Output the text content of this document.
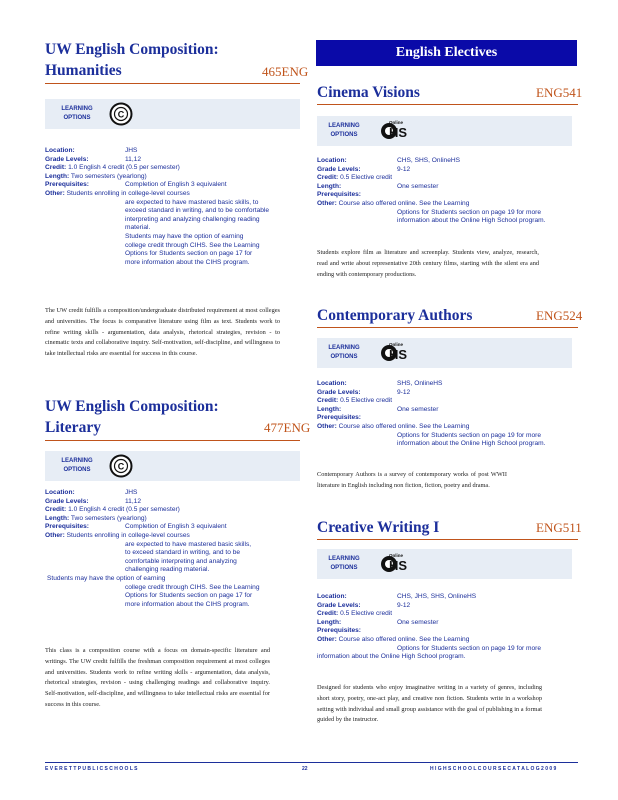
UW English Composition:
Humanities	465ENG
LEARNING
OPTIONS	C
Location:	JHS
Grade Levels:	11,12
Credit: 1.0 English 4 credit (0.5 per semester)
Length: Two semesters (yearlong)
Prerequisites:	Completion of English 3 equivalent
Other: Students enrolling in college-level courses
are expected to have mastered basic skills, to
exceed standard in writing, and to be comfortable
interpreting and analyzing challenging reading
material.
Students may have the option of earning
college credit through CIHS. See the Learning
Options for Students section on page 17 for
more information about the CIHS program.
The UW credit fulfills a composition/undergraduate distributed requirement at most colleges and universities. The focus is comparative literature using film as text. Students work to refine writing skills - argumentation, data analysis, rhetorical strategies, revision - to cinematic texts and collaborative inquiry. Self-motivation, self-discipline, and willingness to take intellectual risks are essential for success in this course.
UW English Composition:
Literary	477ENG
LEARNING
OPTIONS	C
Location:	JHS
Grade Levels:	11,12
Credit: 1.0 English 4 credit (0.5 per semester)
Length: Two semesters (yearlong)
Prerequisites:	Completion of English 3 equivalent
Other: Students enrolling in college-level courses
are expected to have mastered basic skills,
to exceed standard in writing, and to be
comfortable interpreting and analyzing
challenging reading material.
Students may have the option of earning
college credit through CIHS. See the Learning
Options for Students section on page 17 for
more information about the CIHS program.
This class is a composition course with a focus on domain-specific literature and writings. The UW credit fulfills the freshman composition requirement at most colleges and universities. Students work to refine writing skills - argumentation, data analysis, rhetorical strategies, revision - using challenging readings and collaborative inquiry. Self-motivation, self-discipline, and willingness to take intellectual risks are essential for success in this course.
English Electives
Cinema Visions	ENG541
LEARNING
OPTIONS
Online
HS
Location:	CHS, SHS, OnlineHS
Grade Levels:	9-12
Credit: 0.5 Elective credit
Length:	One semester
Prerequisites:
Other: Course also offered online. See the Learning
Options for Students section on page 19 for more
information about the Online High School program.
Students explore film as literature and screenplay. Students view, analyze, research, read and write about representative 20th century films, starting with the silent era and ending with contemporary productions.
Contemporary Authors	ENG524
LEARNING
OPTIONS
Online
HS
Location:	SHS, OnlineHS
Grade Levels:	9-12
Credit: 0.5 Elective credit
Length:	One semester
Prerequisites:
Other: Course also offered online. See the Learning
Options for Students section on page 19 for more
information about the Online High School program.
Contemporary Authors is a survey of contemporary works of post WWII literature in English including non fiction, fiction, poetry and drama.
Creative Writing I	ENG511
LEARNING
OPTIONS
Online
HS
Location:	CHS, JHS, SHS, OnlineHS
Grade Levels:	9-12
Credit: 0.5 Elective credit
Length:	One semester
Prerequisites:
Other: Course also offered online. See the Learning
Options for Students section on page 19 for more
information about the Online High School program.
Designed for students who enjoy imaginative writing in a variety of genres, including short story, poetry, one-act play, and creative non fiction. Students write in a workshop setting with individual and small group assistance with the goal of publishing in a format guided by the instructor.
E V E R E T T P U B L I C S C H O O L S	22	H I G H S C H O O L C O U R S E C A T A L O G 2 0 0 9
